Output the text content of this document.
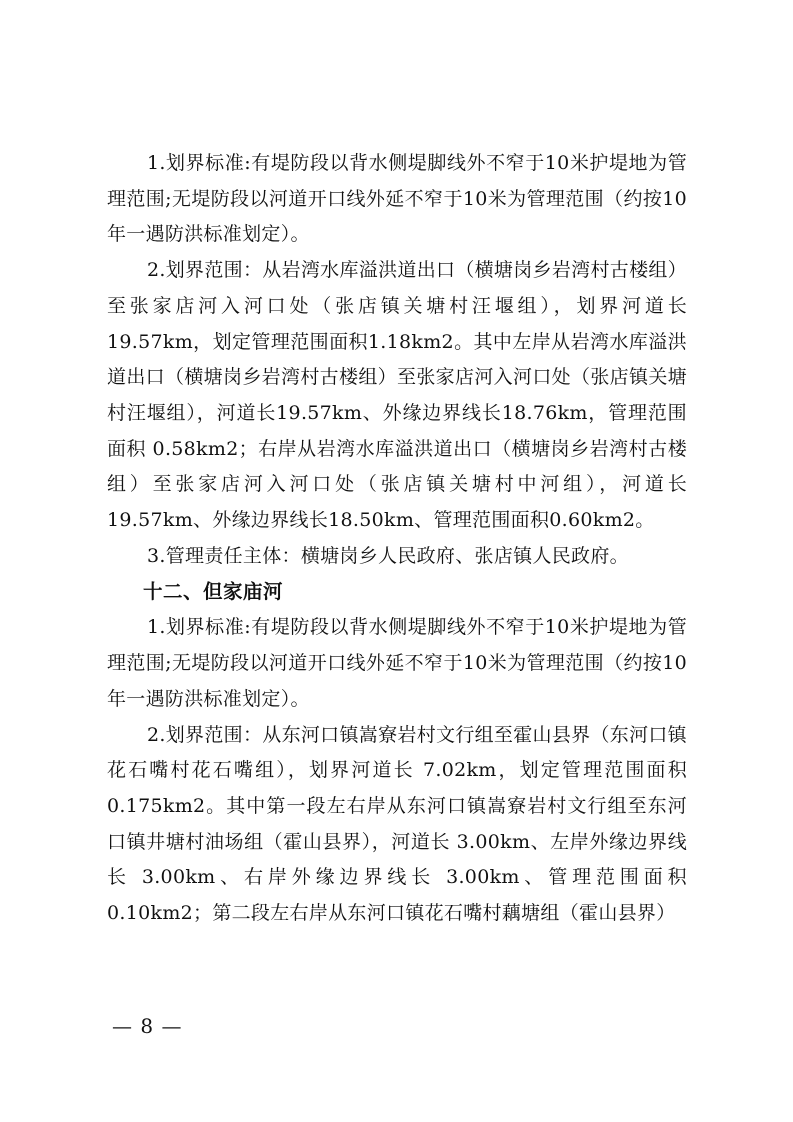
1.划界标准:有堤防段以背水侧堤脚线外不窄于10米护堤地为管理范围;无堤防段以河道开口线外延不窄于10米为管理范围（约按10年一遇防洪标准划定）。

2.划界范围：从岩湾水库溢洪道出口（横塘岗乡岩湾村古楼组）至张家店河入河口处（张店镇关塘村汪堰组），划界河道长19.57km，划定管理范围面积1.18km2。其中左岸从岩湾水库溢洪道出口（横塘岗乡岩湾村古楼组）至张家店河入河口处（张店镇关塘村汪堰组），河道长19.57km、外缘边界线长18.76km，管理范围面积 0.58km2；右岸从岩湾水库溢洪道出口（横塘岗乡岩湾村古楼组）至张家店河入河口处（张店镇关塘村中河组），河道长19.57km、外缘边界线长18.50km、管理范围面积0.60km2。

3.管理责任主体：横塘岗乡人民政府、张店镇人民政府。

十二、但家庙河

1.划界标准:有堤防段以背水侧堤脚线外不窄于10米护堤地为管理范围;无堤防段以河道开口线外延不窄于10米为管理范围（约按10年一遇防洪标准划定）。

2.划界范围：从东河口镇嵩寮岩村文行组至霍山县界（东河口镇花石嘴村花石嘴组），划界河道长 7.02km，划定管理范围面积0.175km2。其中第一段左右岸从东河口镇嵩寮岩村文行组至东河口镇井塘村油场组（霍山县界），河道长 3.00km、左岸外缘边界线长 3.00km、右岸外缘边界线长 3.00km、管理范围面积0.10km2；第二段左右岸从东河口镇花石嘴村藕塘组（霍山县界）

— 8 —
